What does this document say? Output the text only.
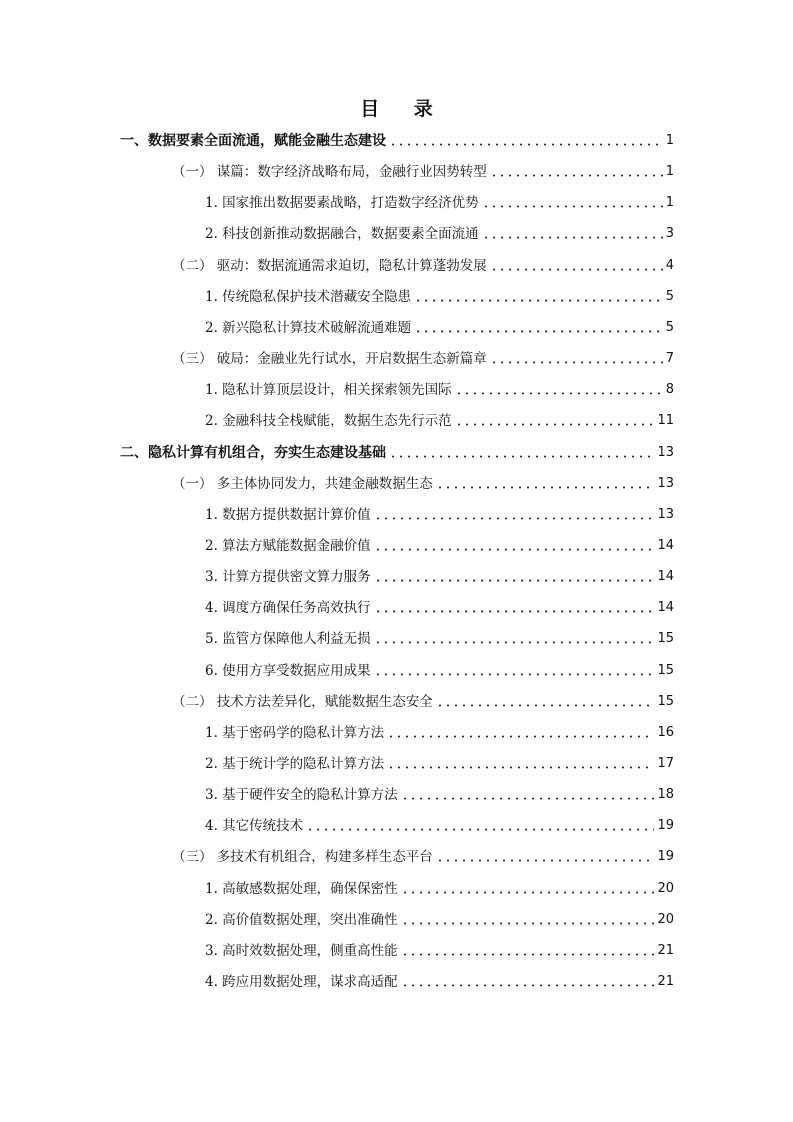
目 录
一、数据要素全面流通，赋能金融生态建设	1
（一） 谋篇：数字经济战略布局，金融行业因势转型	1
1. 国家推出数据要素战略，打造数字经济优势	1
2. 科技创新推动数据融合，数据要素全面流通	3
（二） 驱动：数据流通需求迫切，隐私计算蓬勃发展	4
1. 传统隐私保护技术潜藏安全隐患	5
2. 新兴隐私计算技术破解流通难题	5
（三） 破局：金融业先行试水，开启数据生态新篇章	7
1. 隐私计算顶层设计，相关探索领先国际	8
2. 金融科技全栈赋能，数据生态先行示范	11
二、隐私计算有机组合，夯实生态建设基础	13
（一） 多主体协同发力，共建金融数据生态	13
1. 数据方提供数据计算价值	13
2. 算法方赋能数据金融价值	14
3. 计算方提供密文算力服务	14
4. 调度方确保任务高效执行	14
5. 监管方保障他人利益无损	15
6. 使用方享受数据应用成果	15
（二） 技术方法差异化，赋能数据生态安全	15
1. 基于密码学的隐私计算方法	16
2. 基于统计学的隐私计算方法	17
3. 基于硬件安全的隐私计算方法	18
4. 其它传统技术	19
（三） 多技术有机组合，构建多样生态平台	19
1. 高敏感数据处理，确保保密性	20
2. 高价值数据处理，突出准确性	20
3. 高时效数据处理，侧重高性能	21
4. 跨应用数据处理，谋求高适配	21
